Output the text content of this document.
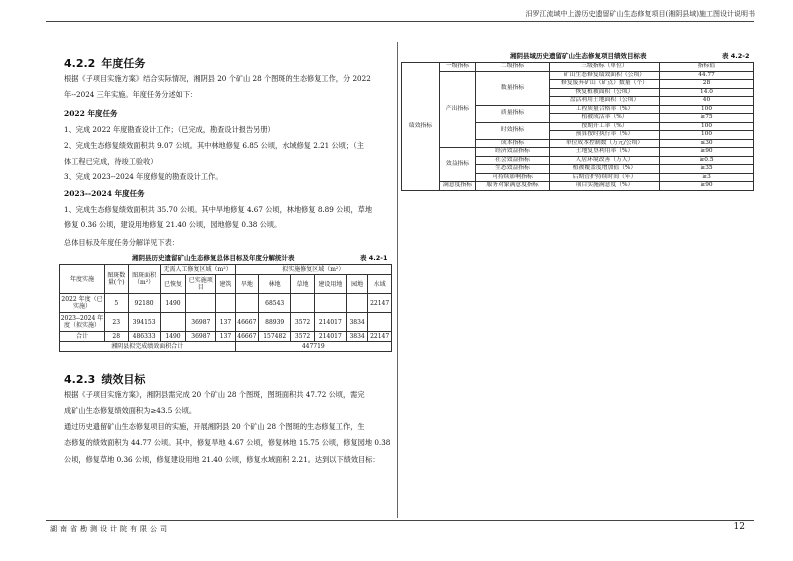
汨罗江流域中上游历史遗留矿山生态修复项目(湘阴县域)施工图设计说明书
4.2.2 年度任务
根据《子项目实施方案》结合实际情况，湘阴县 20 个矿山 28 个图斑的生态修复工作，分 2022
年--2024 三年实施。年度任务分述如下：
2022 年度任务
1、完成 2022 年度勘查设计工作；（已完成，勘查设计报告另册）
2、完成生态修复绩效面积共 9.07 公顷。其中林地修复 6.85 公顷，水域修复 2.21 公顷；（主
体工程已完成，待竣工验收）
3、完成 2023--2024 年度修复的勘查设计工作。
2023--2024 年度任务
1、完成生态修复绩效面积共 35.70 公顷。其中旱地修复 4.67 公顷，林地修复 8.89 公顷，草地
修复 0.36 公顷，建设用地修复 21.40 公顷，园地修复 0.38 公顷。
总体目标及年度任务分解详见下表：
湘阴县历史遗留矿山生态修复总体目标及年度分解统计表	表 4.2-1
年度实施	图斑数量(个)	图斑面积（m²）	无需人工修复区域（m²）			拟实施修复区域（m²）					
			已恢复	已实施项目	建筑	旱地	林地	草地	建设用地	园地	水域
2022 年度（已实施）	5	92180	1490				68543				22147
2023--2024 年度（拟实施）	23	394153		36987	137	46667	88939	3572	214017	3834	
合计	28	486333	1490	36987	137	46667	157482	3572	214017	3834	22147
湘阴县拟完成绩效面积合计						447719					
4.2.3 绩效目标
根据《子项目实施方案》，湘阴县需完成 20 个矿山 28 个图斑，图斑面积共 47.72 公顷，需完
成矿山生态修复绩效面积为≥43.5 公顷。
通过历史遗留矿山生态修复项目的实施，开展湘阴县 20 个矿山 28 个图斑的生态修复工作，生
态修复的绩效面积为 44.77 公顷。其中，修复旱地 4.67 公顷，修复林地 15.75 公顷，修复园地 0.38
公顷，修复草地 0.36 公顷，修复建设用地 21.40 公顷，修复水域面积 2.21。达到以下绩效目标：
湘阴县域历史遗留矿山生态修复项目绩效目标表	表 4.2-2
绩效指标	一级指标	二级指标	三级指标（单位）	指标值
	产出指标	数量指标	矿山生态修复绩效面积（公顷）	44.77
			修复废弃矿山（矿点）数量（个）	28
			恢复植被面积（公顷）	14.0
			盘活利用土地面积（公顷）	40
		质量指标	工程质量合格率（%）	100
			植被成活率（%）	≥75
		时效指标	按期开工率（%）	100
			预算按时执行率（%）	100
		成本指标	单位成本控制数（万元/公顷）	≤30
	效益指标	经济效益指标	土地复垦利用率（%）	≥90
		社会效益指标	人居环境改善（万人）	≥0.5
		生态效益指标	植被覆盖度增加值（%）	≥35
		可持续影响指标	后期管护持续时间（年）	≥3
	满意度指标	服务对象满意度指标	项目实施满意度（%）	≥90
湖南省勘测设计院有限公司	12
